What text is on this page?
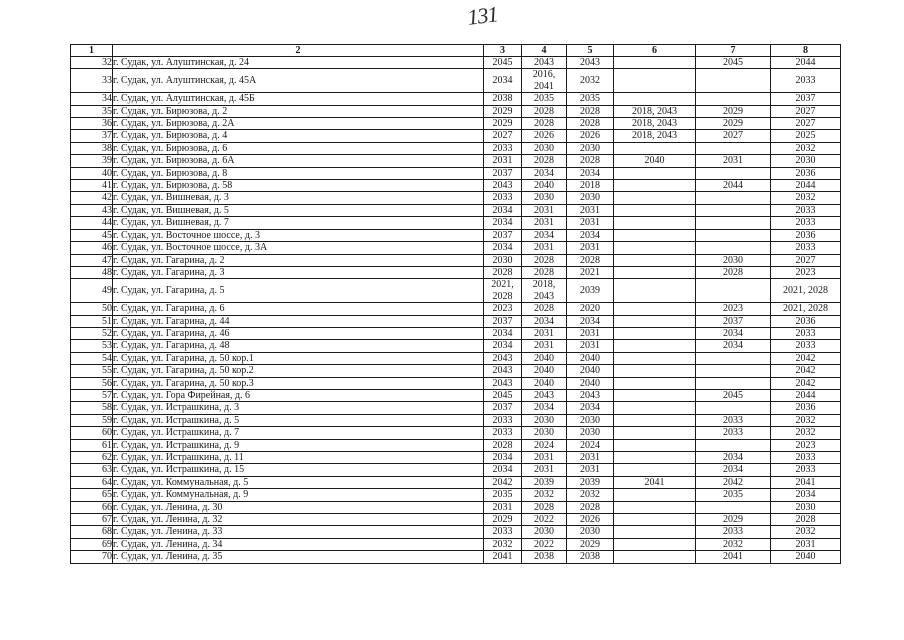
131
1	2	3	4	5	6	7	8
32	г. Судак, ул. Алуштинская, д. 24	2045	2043	2043		2045	2044
33	г. Судак, ул. Алуштинская, д. 45А	2034	2016, 2041	2032			2033
34	г. Судак, ул. Алуштинская, д. 45Б	2038	2035	2035			2037
35	г. Судак, ул. Бирюзова, д. 2	2029	2028	2028	2018, 2043	2029	2027
36	г. Судак, ул. Бирюзова, д. 2А	2029	2028	2028	2018, 2043	2029	2027
37	г. Судак, ул. Бирюзова, д. 4	2027	2026	2026	2018, 2043	2027	2025
38	г. Судак, ул. Бирюзова, д. 6	2033	2030	2030			2032
39	г. Судак, ул. Бирюзова, д. 6А	2031	2028	2028	2040	2031	2030
40	г. Судак, ул. Бирюзова, д. 8	2037	2034	2034			2036
41	г. Судак, ул. Бирюзова, д. 58	2043	2040	2018		2044	2044
42	г. Судак, ул. Вишневая, д. 3	2033	2030	2030			2032
43	г. Судак, ул. Вишневая, д. 5	2034	2031	2031			2033
44	г. Судак, ул. Вишневая, д. 7	2034	2031	2031			2033
45	г. Судак, ул. Восточное шоссе, д. 3	2037	2034	2034			2036
46	г. Судак, ул. Восточное шоссе, д. 3А	2034	2031	2031			2033
47	г. Судак, ул. Гагарина, д. 2	2030	2028	2028		2030	2027
48	г. Судак, ул. Гагарина, д. 3	2028	2028	2021		2028	2023
49	г. Судак, ул. Гагарина, д. 5	2021, 2028	2018, 2043	2039			2021, 2028
50	г. Судак, ул. Гагарина, д. 6	2023	2028	2020		2023	2021, 2028
51	г. Судак, ул. Гагарина, д. 44	2037	2034	2034		2037	2036
52	г. Судак, ул. Гагарина, д. 46	2034	2031	2031		2034	2033
53	г. Судак, ул. Гагарина, д. 48	2034	2031	2031		2034	2033
54	г. Судак, ул. Гагарина, д. 50 кор.1	2043	2040	2040			2042
55	г. Судак, ул. Гагарина, д. 50 кор.2	2043	2040	2040			2042
56	г. Судак, ул. Гагарина, д. 50 кор.3	2043	2040	2040			2042
57	г. Судак, ул. Гора Фирейная, д. 6	2045	2043	2043		2045	2044
58	г. Судак, ул. Истрашкина, д. 3	2037	2034	2034			2036
59	г. Судак, ул. Истрашкина, д. 5	2033	2030	2030		2033	2032
60	г. Судак, ул. Истрашкина, д. 7	2033	2030	2030		2033	2032
61	г. Судак, ул. Истрашкина, д. 9	2028	2024	2024			2023
62	г. Судак, ул. Истрашкина, д. 11	2034	2031	2031		2034	2033
63	г. Судак, ул. Истрашкина, д. 15	2034	2031	2031		2034	2033
64	г. Судак, ул. Коммунальная, д. 5	2042	2039	2039	2041	2042	2041
65	г. Судак, ул. Коммунальная, д. 9	2035	2032	2032		2035	2034
66	г. Судак, ул. Ленина, д. 30	2031	2028	2028			2030
67	г. Судак, ул. Ленина, д. 32	2029	2022	2026		2029	2028
68	г. Судак, ул. Ленина, д. 33	2033	2030	2030		2033	2032
69	г. Судак, ул. Ленина, д. 34	2032	2022	2029		2032	2031
70	г. Судак, ул. Ленина, д. 35	2041	2038	2038		2041	2040
